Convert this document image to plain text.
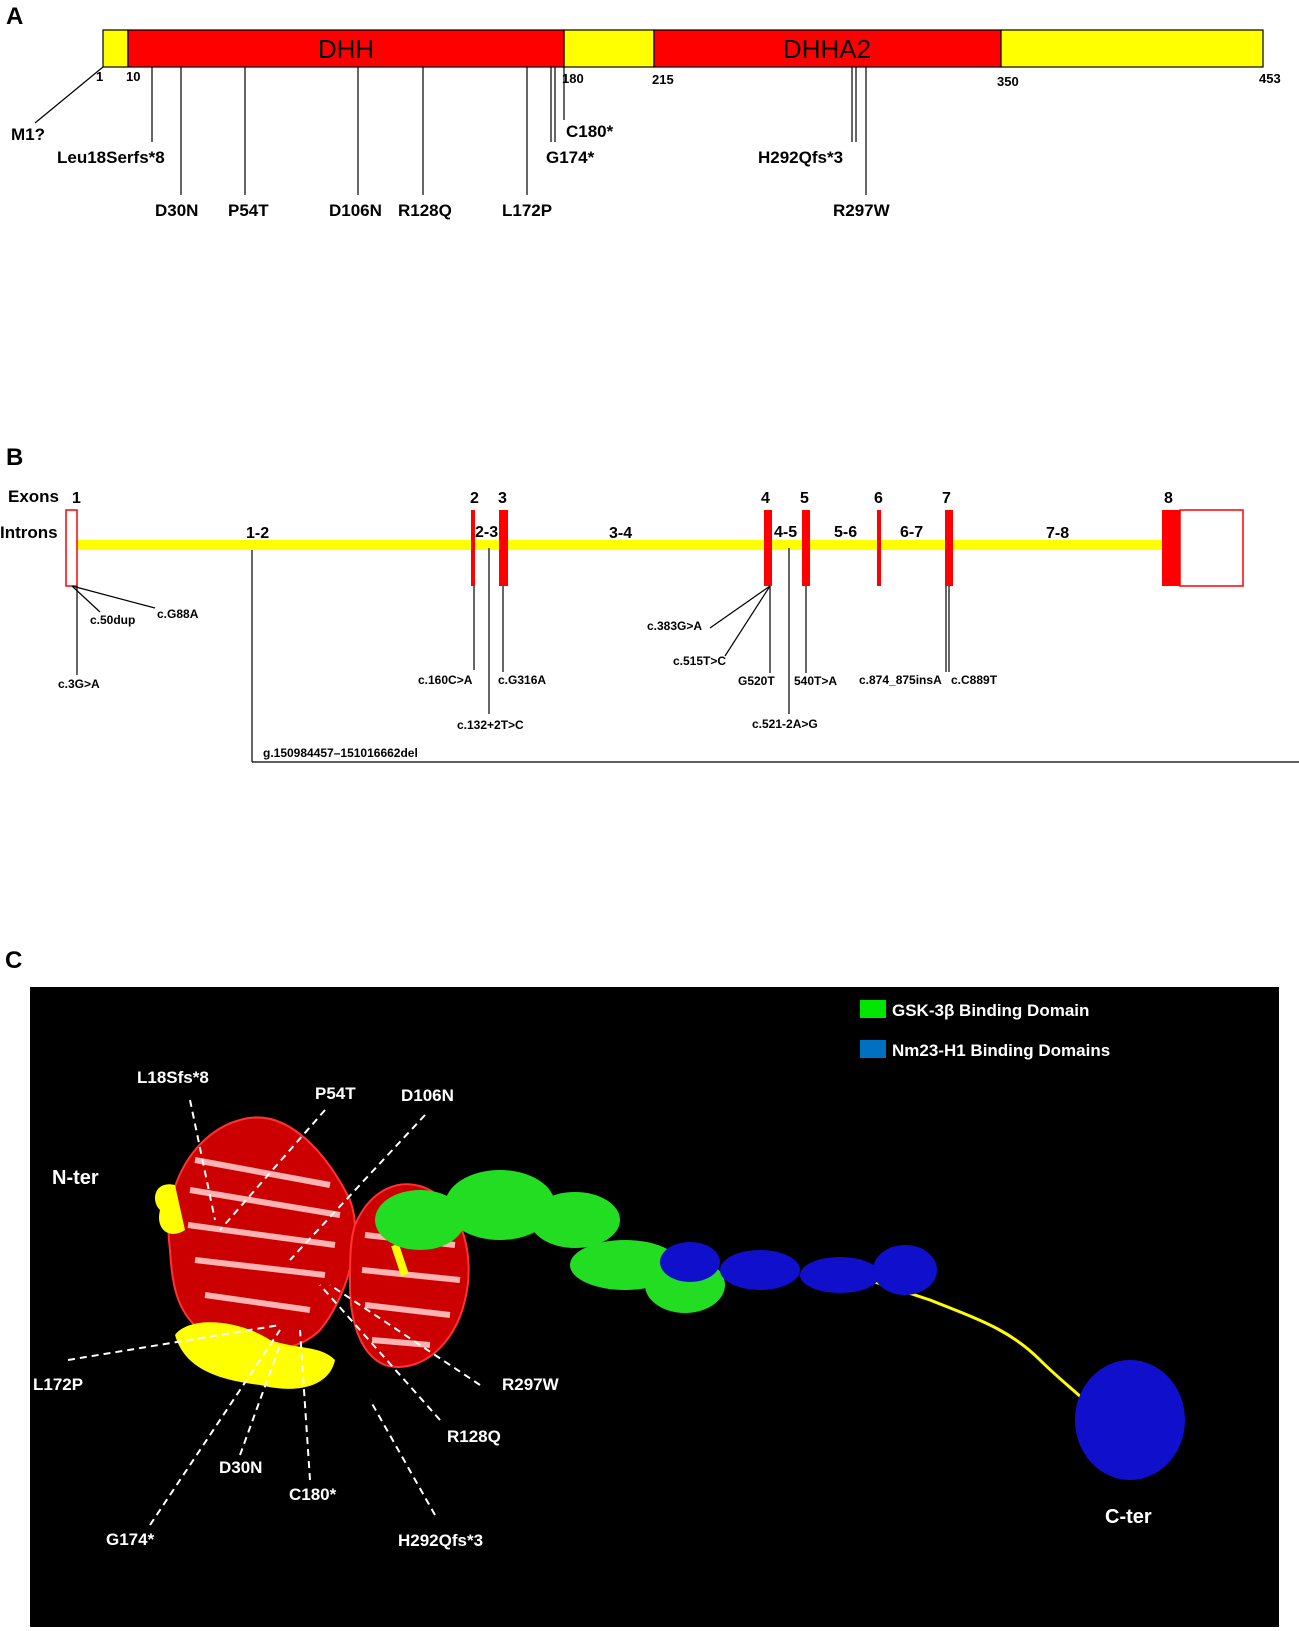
A
DHH	DHHA2
1 10	180	215	350	453
M1?
Leu18Serfs*8
D30N P54T	D106N R128Q	L172P
G174*
C180*
H292Qfs*3
R297W
B
Exons
Introns
1	2 3	4 5	6	7	8
1-2	2-3	3-4	4-5 5-6	6-7	7-8
c.50dup c.G88A
c.3G>A	c.160C>A c.G316A
c.132+2T>C
c.383G>A
c.515T>C
G520T 540T>A
c.521-2A>G
c.874_875insA c.C889T
g.150984457–151016662del
C
GSK-3β Binding Domain
Nm23-H1 Binding Domains
N-ter
C-ter
L18Sfs*8
P54T	D106N
L172P	R297W
R128Q
D30N
C180*
G174*	H292Qfs*3
